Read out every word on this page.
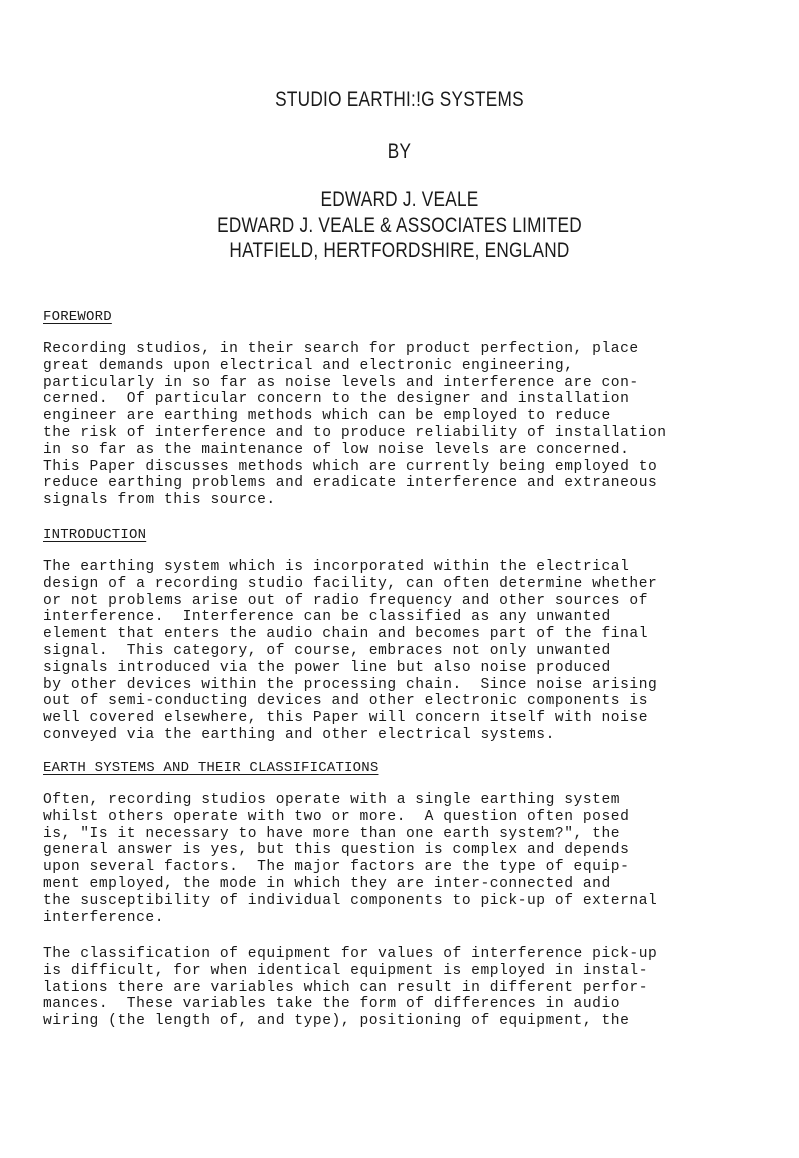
STUDIO EARTHI:!G SYSTEMS
BY
EDWARD J. VEALE
EDWARD J. VEALE & ASSOCIATES LIMITED
HATFIELD, HERTFORDSHIRE, ENGLAND
FOREWORD
Recording studios, in their search for product perfection, place
great demands upon electrical and electronic engineering,
particularly in so far as noise levels and interference are con-
cerned.  Of particular concern to the designer and installation
engineer are earthing methods which can be employed to reduce
the risk of interference and to produce reliability of installation
in so far as the maintenance of low noise levels are concerned.
This Paper discusses methods which are currently being employed to
reduce earthing problems and eradicate interference and extraneous
signals from this source.
INTRODUCTION
The earthing system which is incorporated within the electrical
design of a recording studio facility, can often determine whether
or not problems arise out of radio frequency and other sources of
interference.  Interference can be classified as any unwanted
element that enters the audio chain and becomes part of the final
signal.  This category, of course, embraces not only unwanted
signals introduced via the power line but also noise produced
by other devices within the processing chain.  Since noise arising
out of semi-conducting devices and other electronic components is
well covered elsewhere, this Paper will concern itself with noise
conveyed via the earthing and other electrical systems.
EARTH SYSTEMS AND THEIR CLASSIFICATIONS
Often, recording studios operate with a single earthing system
whilst others operate with two or more.  A question often posed
is, "Is it necessary to have more than one earth system?", the
general answer is yes, but this question is complex and depends
upon several factors.  The major factors are the type of equip-
ment employed, the mode in which they are inter-connected and
the susceptibility of individual components to pick-up of external
interference.
The classification of equipment for values of interference pick-up
is difficult, for when identical equipment is employed in instal-
lations there are variables which can result in different perfor-
mances.  These variables take the form of differences in audio
wiring (the length of, and type), positioning of equipment, the
